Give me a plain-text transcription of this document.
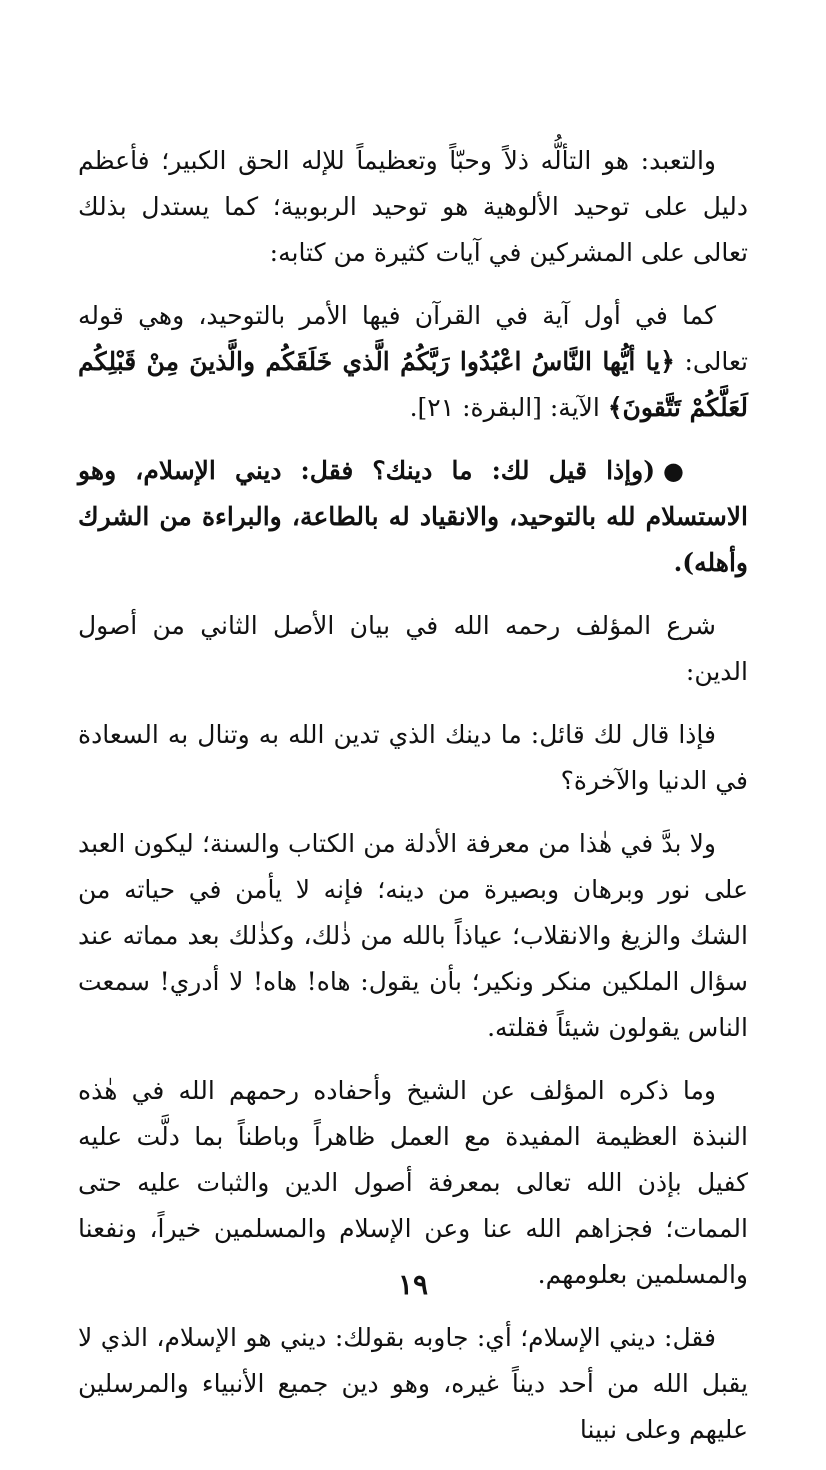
والتعبد: هو التألُّه ذلاً وحبّاً وتعظيماً للإله الحق الكبير؛ فأعظم دليل على توحيد الألوهية هو توحيد الربوبية؛ كما يستدل بذلك تعالى على المشركين في آيات كثيرة من كتابه:

كما في أول آية في القرآن فيها الأمر بالتوحيد، وهي قوله تعالى: ﴿يا أيُّها النَّاسُ اعْبُدُوا رَبَّكُمُ الَّذي خَلَقَكُم والَّذينَ مِنْ قَبْلِكُم لَعَلَّكُمْ تَتَّقونَ﴾ الآية: [البقرة: ٢١].

●(وإذا قيل لك: ما دينك؟ فقل: ديني الإسلام، وهو الاستسلام لله بالتوحيد، والانقياد له بالطاعة، والبراءة من الشرك وأهله).

شرع المؤلف رحمه الله في بيان الأصل الثاني من أصول الدين:

فإذا قال لك قائل: ما دينك الذي تدين الله به وتنال به السعادة في الدنيا والآخرة؟

ولا بدَّ في هٰذا من معرفة الأدلة من الكتاب والسنة؛ ليكون العبد على نور وبرهان وبصيرة من دينه؛ فإنه لا يأمن في حياته من الشك والزيغ والانقلاب؛ عياذاً بالله من ذٰلك، وكذٰلك بعد مماته عند سؤال الملكين منكر ونكير؛ بأن يقول: هاه! هاه! لا أدري! سمعت الناس يقولون شيئاً فقلته.

وما ذكره المؤلف عن الشيخ وأحفاده رحمهم الله في هٰذه النبذة العظيمة المفيدة مع العمل ظاهراً وباطناً بما دلَّت عليه كفيل بإذن الله تعالى بمعرفة أصول الدين والثبات عليه حتى الممات؛ فجزاهم الله عنا وعن الإسلام والمسلمين خيراً، ونفعنا والمسلمين بعلومهم.

فقل: ديني الإسلام؛ أي: جاوبه بقولك: ديني هو الإسلام، الذي لا يقبل الله من أحد ديناً غيره، وهو دين جميع الأنبياء والمرسلين عليهم وعلى نبينا

١٩
